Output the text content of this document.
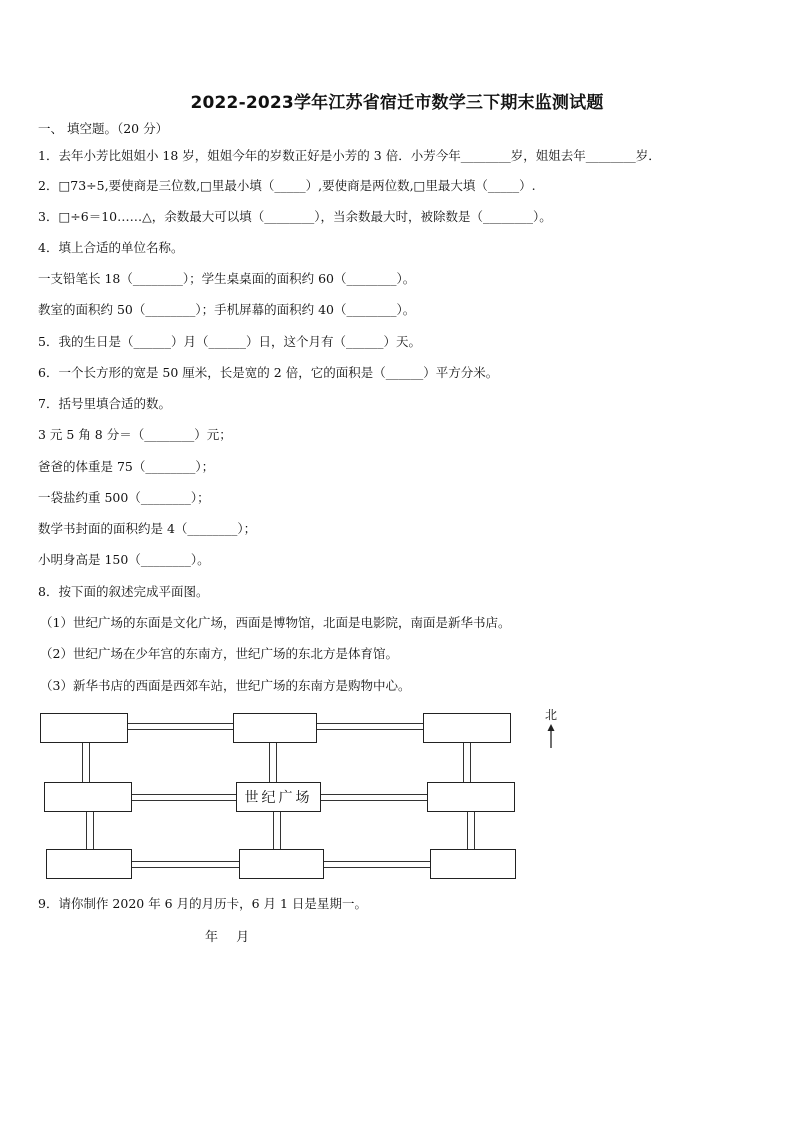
2022-2023学年江苏省宿迁市数学三下期末监测试题
一、 填空题。（20 分）
1．去年小芳比姐姐小 18 岁，姐姐今年的岁数正好是小芳的 3 倍．小芳今年________岁，姐姐去年________岁．
2．□73÷5,要使商是三位数,□里最小填（_____）,要使商是两位数,□里最大填（_____）.
3．□÷6＝10……△，余数最大可以填（________），当余数最大时，被除数是（________）。
4．填上合适的单位名称。
一支铅笔长 18（________）；学生桌桌面的面积约 60（________）。
教室的面积约 50（________）；手机屏幕的面积约 40（________）。
5．我的生日是（______）月（______）日，这个月有（______）天。
6．一个长方形的宽是 50 厘米，长是宽的 2 倍，它的面积是（______）平方分米。
7．括号里填合适的数。
3 元 5 角 8 分＝（________）元；
爸爸的体重是 75（________）；
一袋盐约重 500（________）；
数学书封面的面积约是 4（________）；
小明身高是 150（________）。
8．按下面的叙述完成平面图。
（1）世纪广场的东面是文化广场，西面是博物馆，北面是电影院，南面是新华书店。
（2）世纪广场在少年宫的东南方，世纪广场的东北方是体育馆。
（3）新华书店的西面是西郊车站，世纪广场的东南方是购物中心。
世纪广场
北
9．请你制作 2020 年 6 月的月历卡，6 月 1 日是星期一。
年 月
